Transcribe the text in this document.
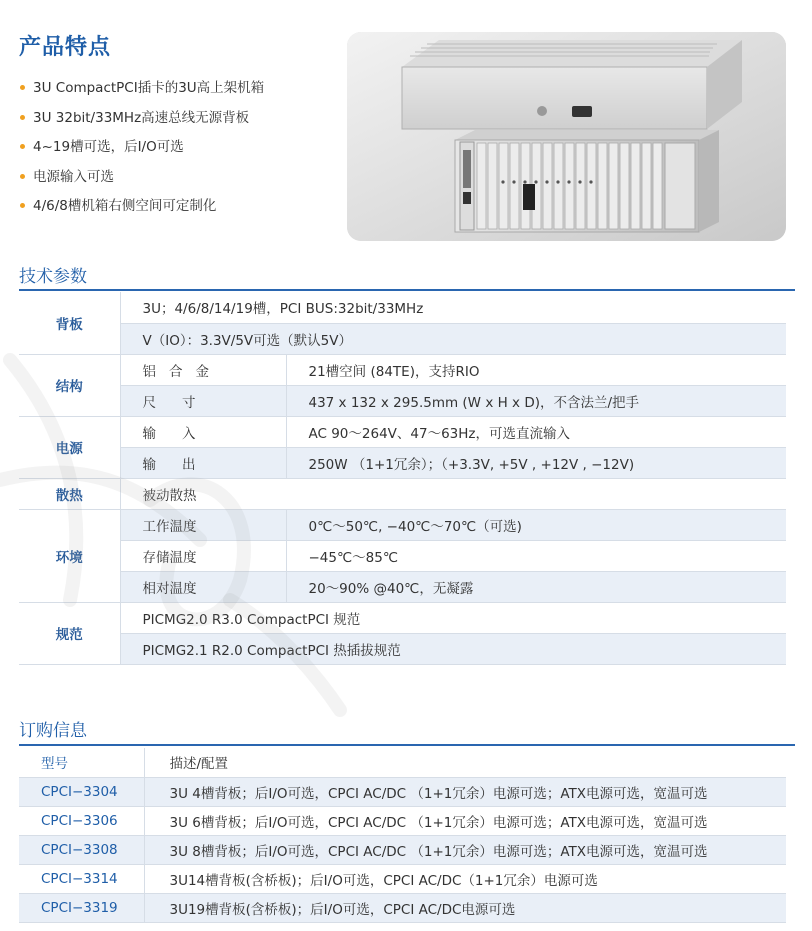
产品特点
3U CompactPCI插卡的3U高上架机箱
3U 32bit/33MHz高速总线无源背板
4~19槽可选，后I/O可选
电源输入可选
4/6/8槽机箱右侧空间可定制化
技术参数
背板	3U；4/6/8/14/19槽，PCI BUS:32bit/33MHz	
	V（IO）：3.3V/5V可选（默认5V）	
结构	铝合金	21槽空间 (84TE)，支持RIO
	尺寸	437 x 132 x 295.5mm (W x H x D)，不含法兰/把手
电源	输入	AC 90～264V、47～63Hz，可选直流输入
	输出	250W （1+1冗余）；（+3.3V, +5V , +12V , −12V)
散热	被动散热	
环境	工作温度	0℃～50℃, −40℃～70℃（可选)
	存储温度	−45℃～85℃
	相对温度	20～90% @40℃，无凝露
规范	PICMG2.0 R3.0 CompactPCI 规范	
	PICMG2.1 R2.0 CompactPCI 热插拔规范	
订购信息
型号	描述/配置
CPCI−3304	3U 4槽背板；后I/O可选，CPCI AC/DC （1+1冗余）电源可选；ATX电源可选，宽温可选
CPCI−3306	3U 6槽背板；后I/O可选，CPCI AC/DC （1+1冗余）电源可选；ATX电源可选，宽温可选
CPCI−3308	3U 8槽背板；后I/O可选，CPCI AC/DC （1+1冗余）电源可选；ATX电源可选，宽温可选
CPCI−3314	3U14槽背板(含桥板)；后I/O可选，CPCI AC/DC（1+1冗余）电源可选
CPCI−3319	3U19槽背板(含桥板)；后I/O可选，CPCI AC/DC电源可选
